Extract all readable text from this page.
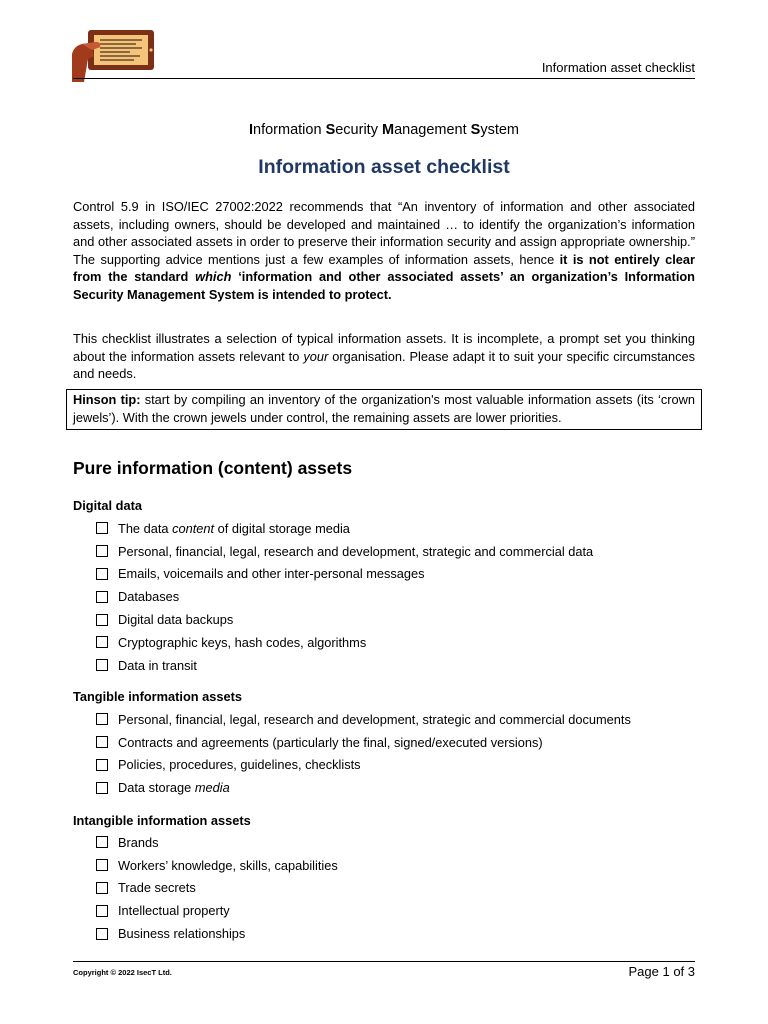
Information asset checklist
Information Security Management System
Information asset checklist
Control 5.9 in ISO/IEC 27002:2022 recommends that “An inventory of information and other associated assets, including owners, should be developed and maintained … to identify the organization’s information and other associated assets in order to preserve their information security and assign appropriate ownership.” The supporting advice mentions just a few examples of information assets, hence it is not entirely clear from the standard which ‘information and other associated assets’ an organization’s Information Security Management System is intended to protect.
This checklist illustrates a selection of typical information assets. It is incomplete, a prompt set you thinking about the information assets relevant to your organisation. Please adapt it to suit your specific circumstances and needs.
Hinson tip: start by compiling an inventory of the organization's most valuable information assets (its ‘crown jewels’). With the crown jewels under control, the remaining assets are lower priorities.
Pure information (content) assets
Digital data
The data content of digital storage media
Personal, financial, legal, research and development, strategic and commercial data
Emails, voicemails and other inter-personal messages
Databases
Digital data backups
Cryptographic keys, hash codes, algorithms
Data in transit
Tangible information assets
Personal, financial, legal, research and development, strategic and commercial documents
Contracts and agreements (particularly the final, signed/executed versions)
Policies, procedures, guidelines, checklists
Data storage media
Intangible information assets
Brands
Workers’ knowledge, skills, capabilities
Trade secrets
Intellectual property
Business relationships
Copyright © 2022 IsecT Ltd.	Page 1 of 3
